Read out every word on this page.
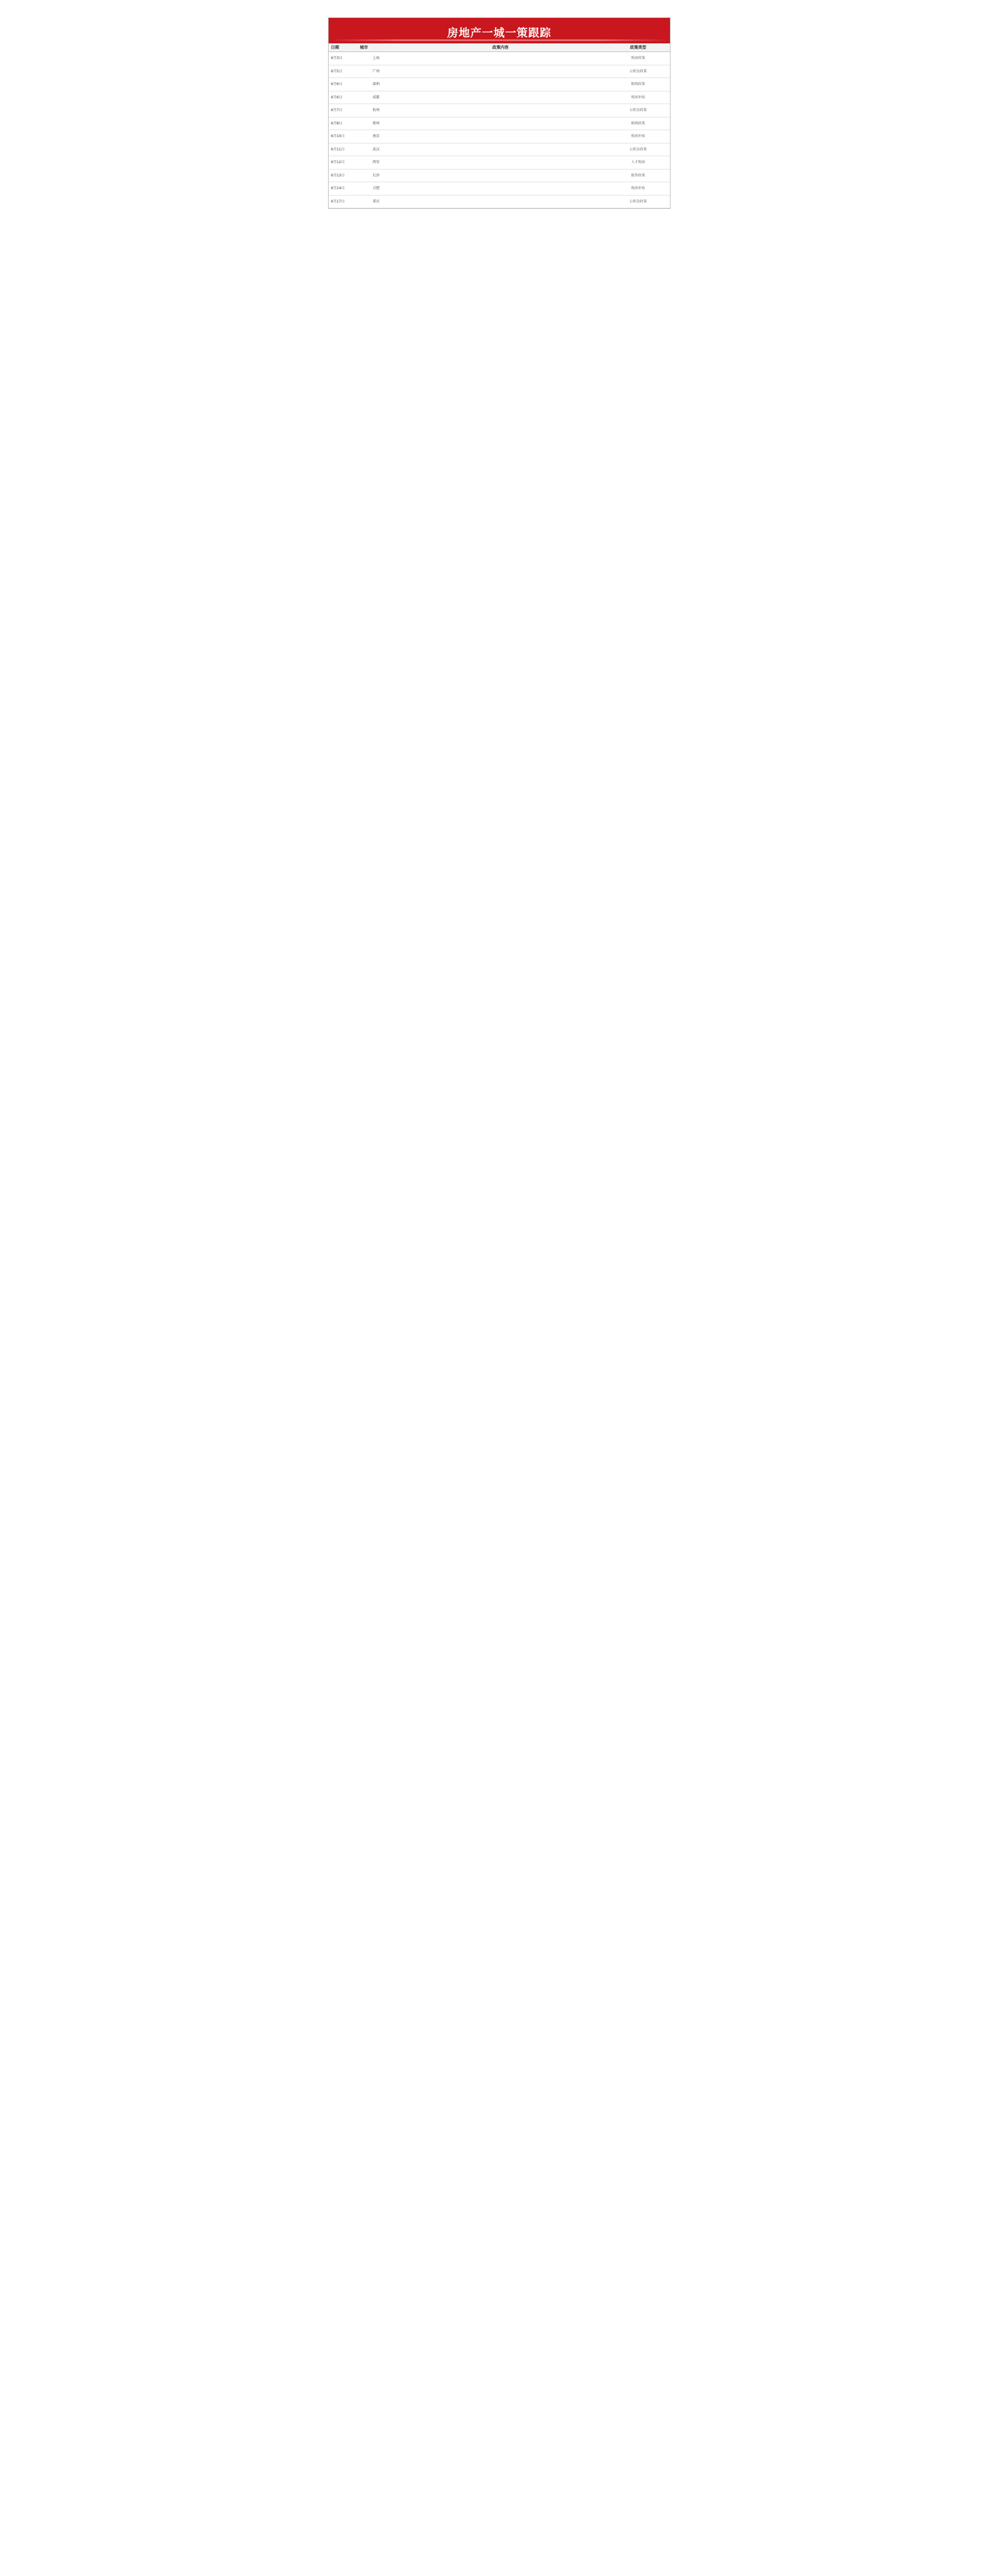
房地产一城一策跟踪
日期	城市	政策内容	政策类型
6月3日	上海		购房政策
6月5日	广州		公积金政策
6月6日	深圳		限购政策
6月6日	成都		购房补贴
6月7日	杭州		公积金政策
6月8日	郑州		限购政策
6月10日	南京		购房补贴
6月11日	武汉		公积金政策
6月12日	西安		人才购房
6月13日	长沙		限售政策
6月14日	合肥		购房补贴
6月17日	重庆		公积金政策
